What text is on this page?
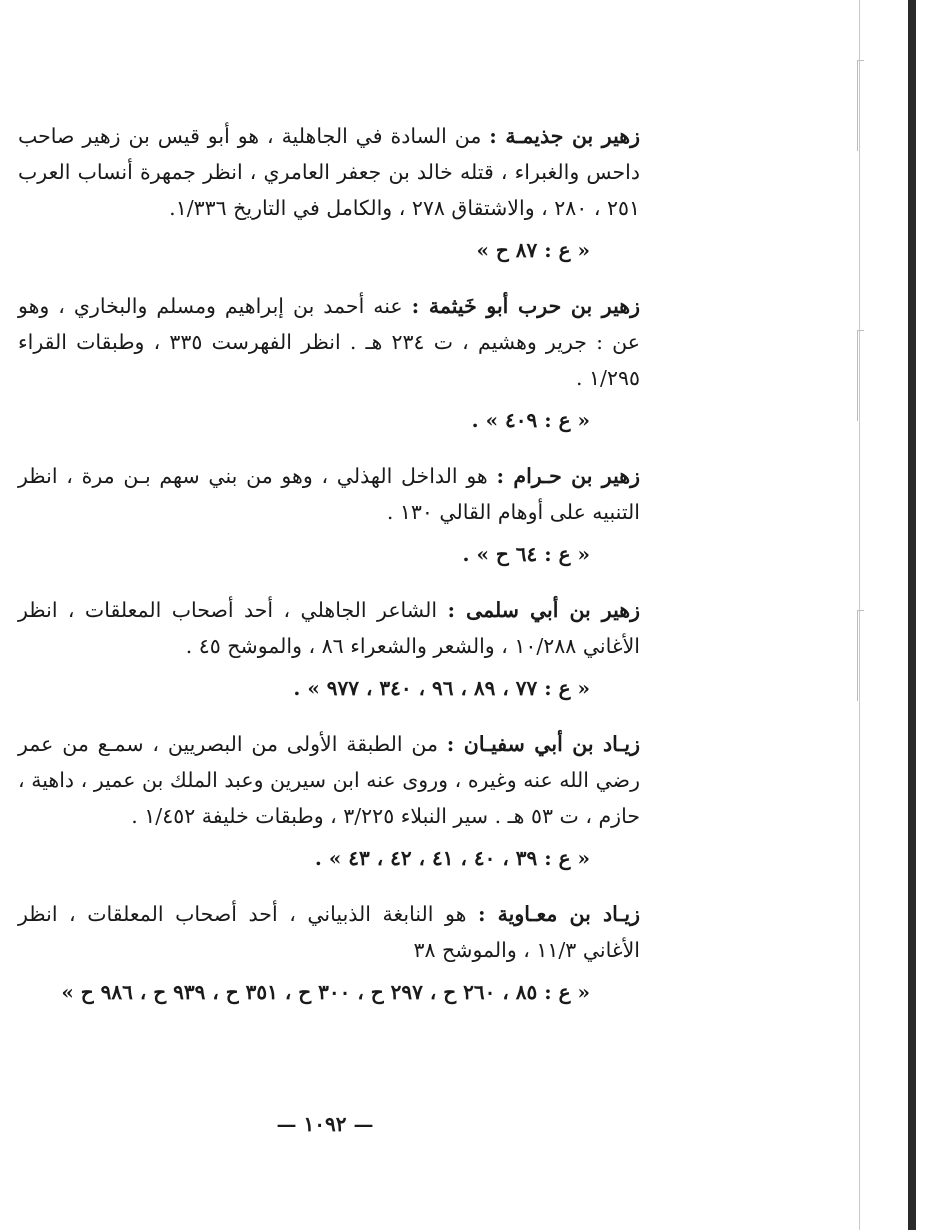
زهير بن جذيمـة : من السادة في الجاهلية ، هو أبو قيس بن زهير صاحب داحس والغبراء ، قتله خالد بن جعفر العامري ، انظر جمهرة أنساب العرب ٢٥١ ، ٢٨٠ ، والاشتقاق ٢٧٨ ، والكامل في التاريخ ١/٣٣٦.

« ع : ٨٧ ح »

زهير بن حرب أبو خَيثمة : عنه أحمد بن إبراهيم ومسلم والبخاري ، وهو عن : جرير وهشيم ، ت ٢٣٤ هـ . انظر الفهرست ٣٣٥ ، وطبقات القراء ١/٢٩٥ .

« ع : ٤٠٩ » .

زهير بن حـرام : هو الداخل الهذلي ، وهو من بني سهم بـن مرة ، انظر التنبيه على أوهام القالي ١٣٠ .

« ع : ٦٤ ح » .

زهير بن أبي سلمى : الشاعر الجاهلي ، أحد أصحاب المعلقات ، انظر الأغاني ١٠/٢٨٨ ، والشعر والشعراء ٨٦ ، والموشح ٤٥ .

« ع : ٧٧ ، ٨٩ ، ٩٦ ، ٣٤٠ ، ٩٧٧ » .

زيـاد بن أبي سفيـان : من الطبقة الأولى من البصريين ، سمـع من عمر رضي الله عنه وغيره ، وروى عنه ابن سيرين وعبد الملك بن عمير ، داهية ، حازم ، ت ٥٣ هـ . سير النبلاء ٣/٢٢٥ ، وطبقات خليفة ١/٤٥٢ .

« ع : ٣٩ ، ٤٠ ، ٤١ ، ٤٢ ، ٤٣ » .

زيـاد بن معـاوية : هو النابغة الذبياني ، أحد أصحاب المعلقات ، انظر الأغاني ١١/٣ ، والموشح ٣٨

« ع : ٨٥ ، ٢٦٠ ح ، ٢٩٧ ح ، ٣٠٠ ح ، ٣٥١ ح ، ٩٣٩ ح ، ٩٨٦ ح »

— ١٠٩٢ —
